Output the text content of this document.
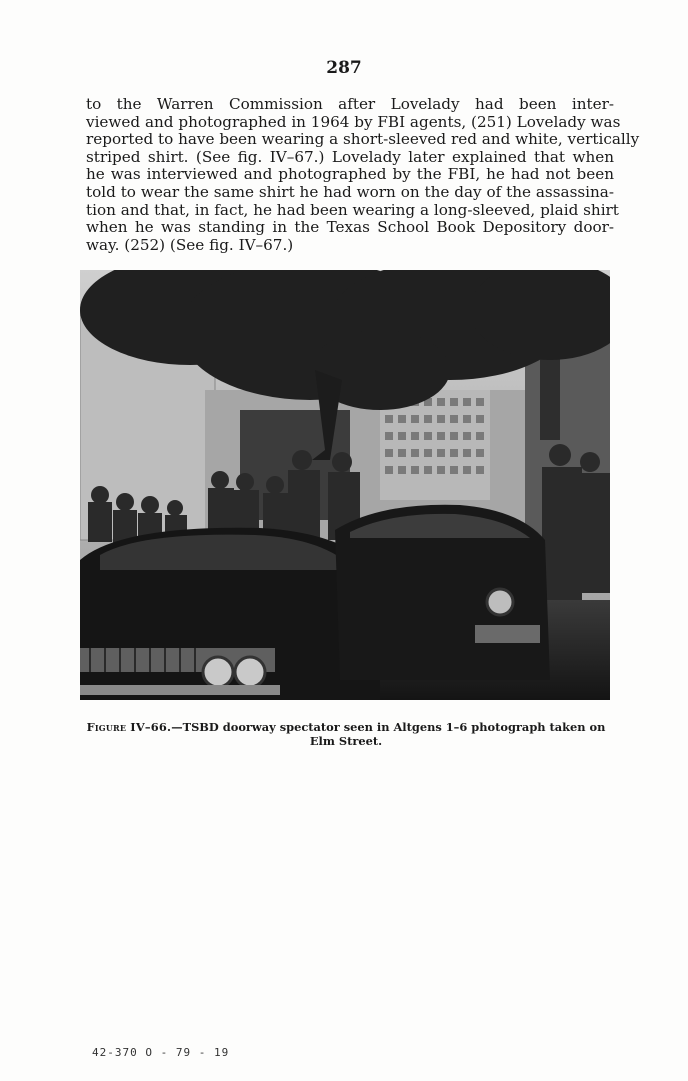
287
to the Warren Commission after Lovelady had been inter-
viewed and photographed in 1964 by FBI agents, (251) Lovelady was
reported to have been wearing a short-sleeved red and white, vertically
striped shirt. (See fig. IV–67.) Lovelady later explained that when
he was interviewed and photographed by the FBI, he had not been
told to wear the same shirt he had worn on the day of the assassina-
tion and that, in fact, he had been wearing a long-sleeved, plaid shirt
when he was standing in the Texas School Book Depository door-
way. (252) (See fig. IV–67.)
Figure IV–66.—TSBD doorway spectator seen in Altgens 1–6 photograph taken on Elm Street.
42-370 O - 79 - 19
